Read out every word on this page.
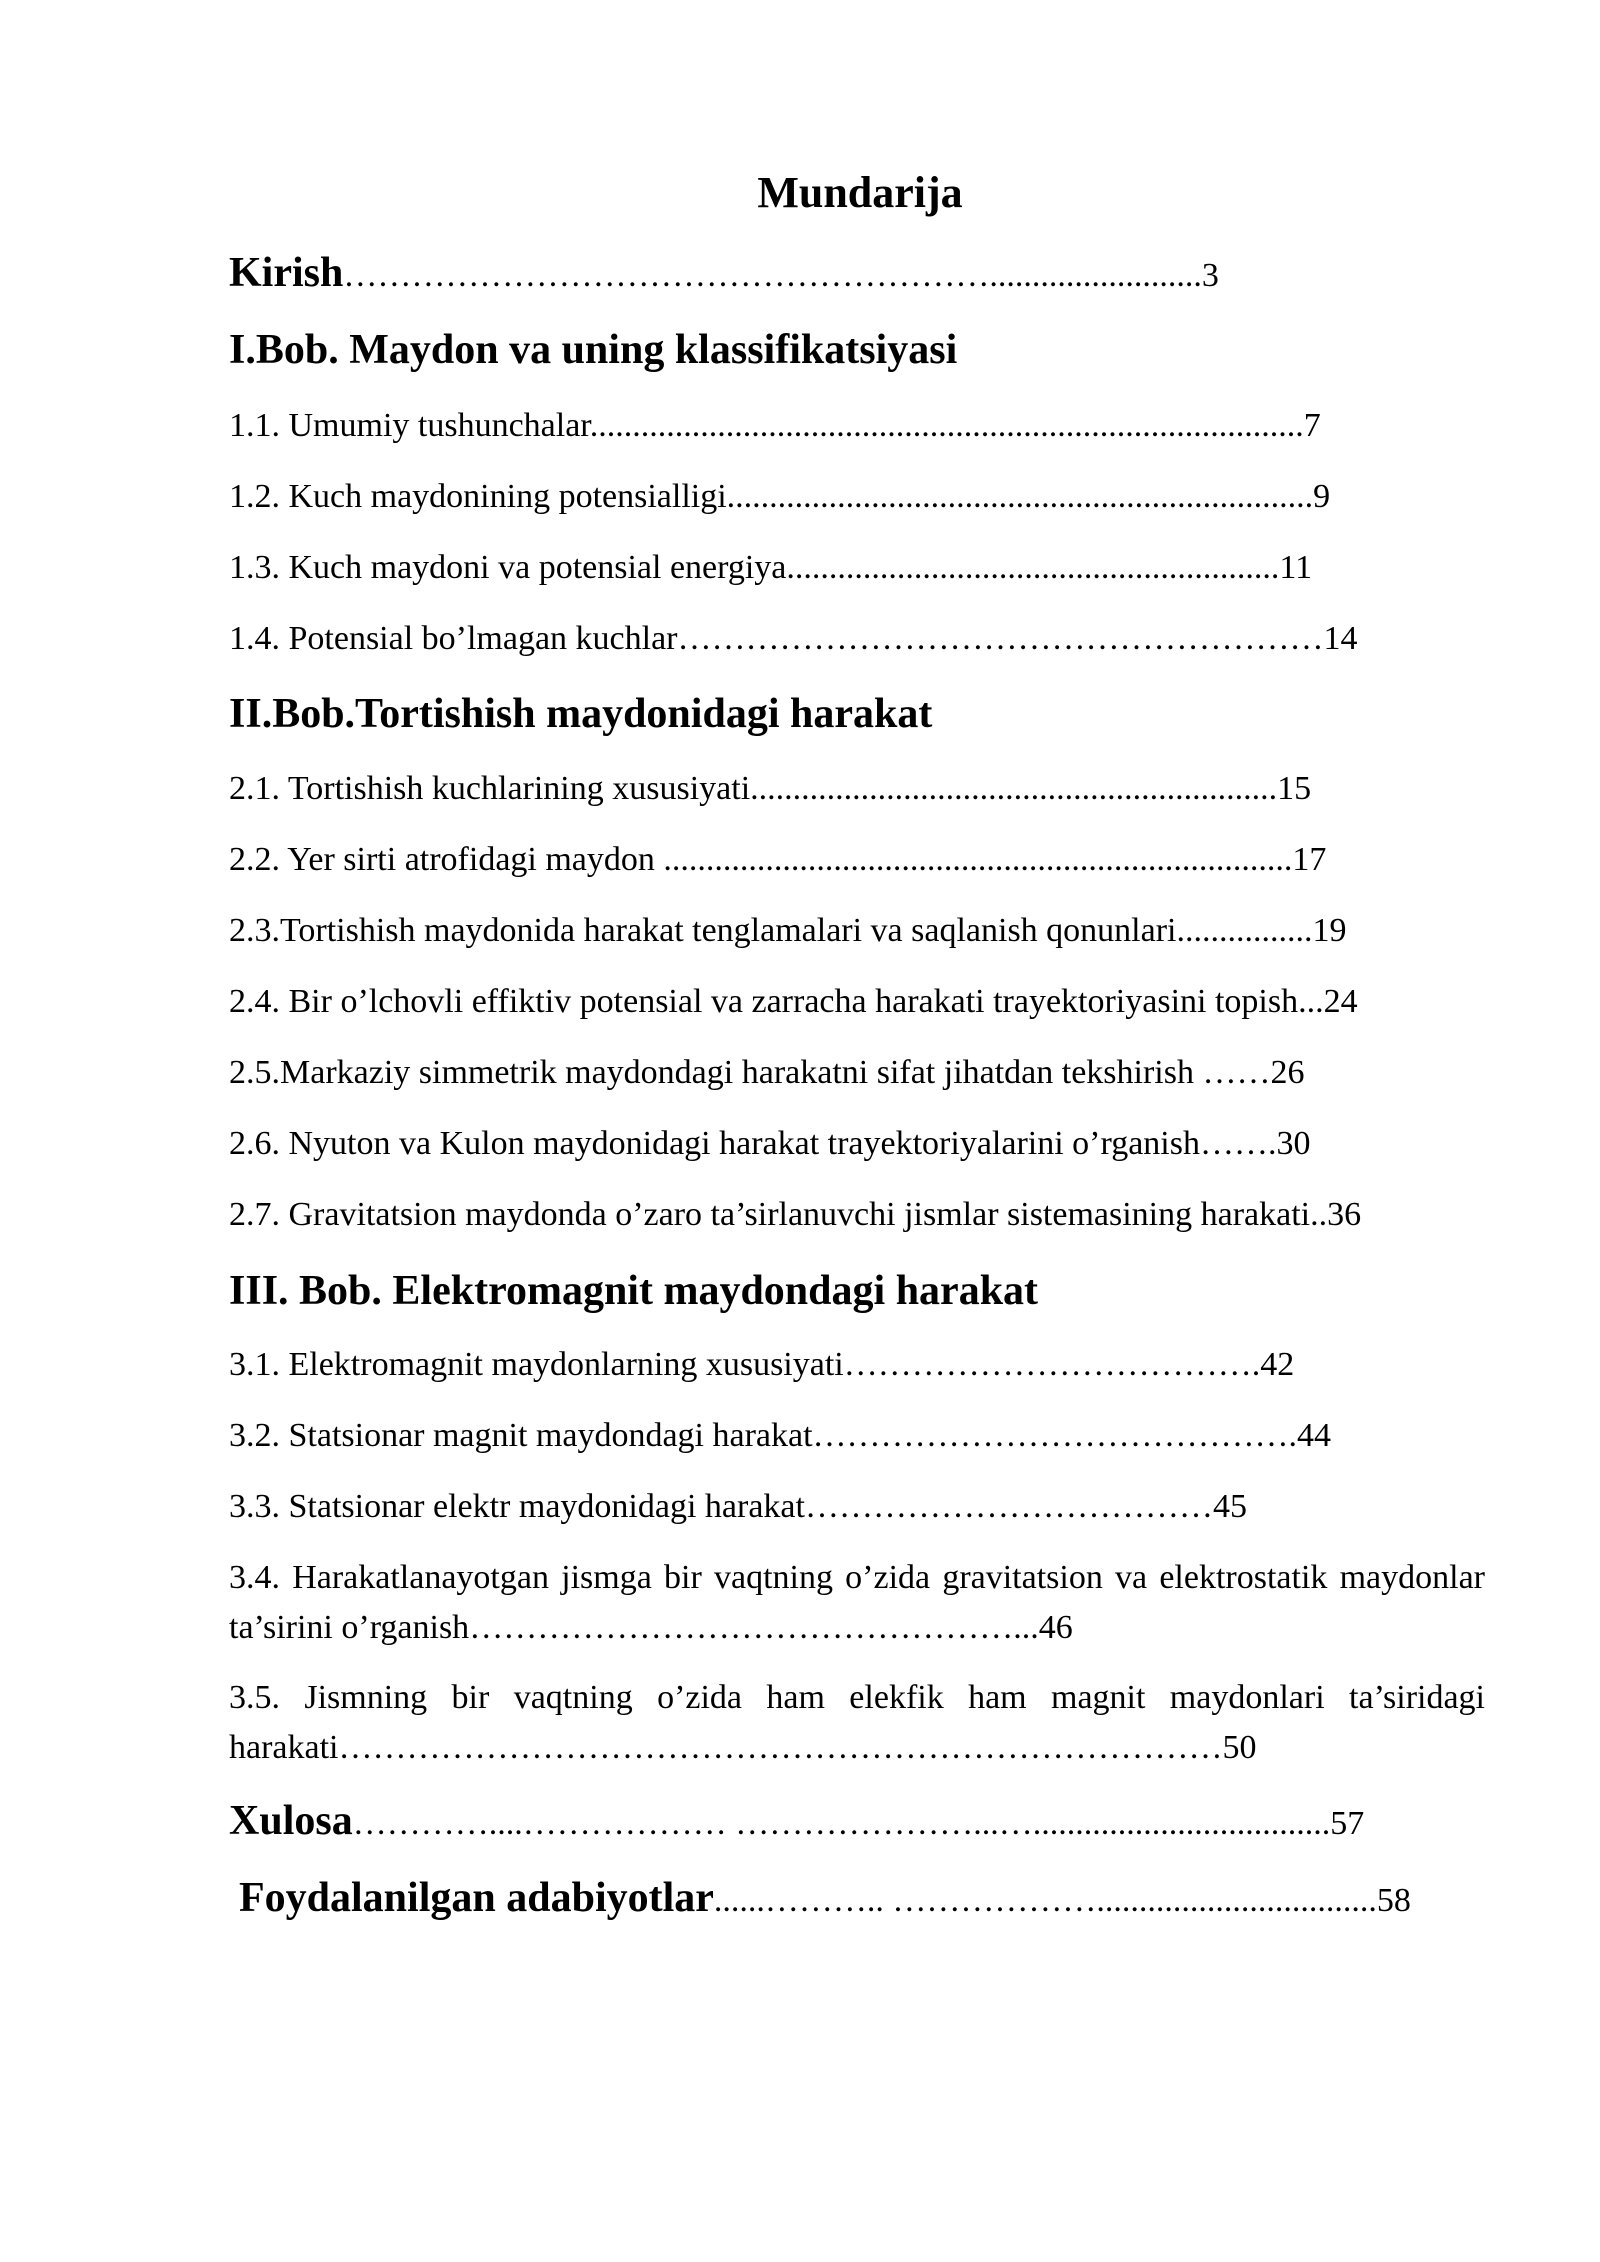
Mundarija
Kirish………………………………………………….........................3
I.Bob. Maydon va uning klassifikatsiyasi
1.1. Umumiy tushunchalar....................................................................................7
1.2. Kuch maydonining potensialligi.....................................................................9
1.3. Kuch maydoni va potensial energiya..........................................................11
1.4. Potensial bo’lmagan kuchlar…………………………………………………14
II.Bob.Tortishish maydonidagi harakat
2.1. Tortishish kuchlarining xususiyati..............................................................15
2.2. Yer sirti atrofidagi maydon ..........................................................................17
2.3.Tortishish maydonida harakat tenglamalari va saqlanish qonunlari................19
2.4. Bir o’lchovli effiktiv potensial va zarracha harakati trayektoriyasini topish...24
2.5.Markaziy simmetrik maydondagi harakatni sifat jihatdan tekshirish ……26
2.6. Nyuton va Kulon maydonidagi harakat trayektoriyalarini o’rganish…….30
2.7. Gravitatsion maydonda o’zaro ta’sirlanuvchi jismlar sistemasining harakati..36
III. Bob. Elektromagnit maydondagi harakat
3.1. Elektromagnit maydonlarning xususiyati……………………………….42
3.2. Statsionar magnit maydondagi harakat…………………………………….44
3.3. Statsionar elektr maydonidagi harakat………………………………45
3.4. Harakatlanayotgan jismga bir vaqtning o’zida gravitatsion va elektrostatik maydonlar ta’sirini o’rganish…………………………………………...46
3.5. Jismning bir vaqtning o’zida ham elekfik ham magnit maydonlari ta’siridagi harakati……………………………………………………………………50
Xulosa…………....……………… …………………...…...................................57
Foydalanilgan adabiyotlar......……….. ……………….................................58
